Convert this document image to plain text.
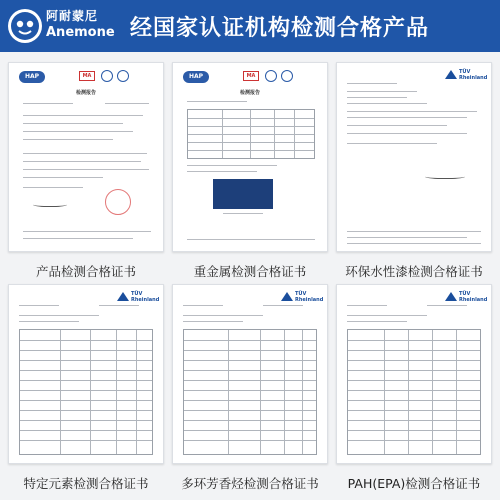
阿耐蒙尼
Anemone 经国家认证机构检测合格产品
HAP	MA
检测报告
产品检测合格证书
HAP	MA
检测报告
重金属检测合格证书
TÜV Rheinland
环保水性漆检测合格证书
TÜV Rheinland
特定元素检测合格证书
TÜV Rheinland
多环芳香烃检测合格证书
TÜV Rheinland
PAH(EPA)检测合格证书
